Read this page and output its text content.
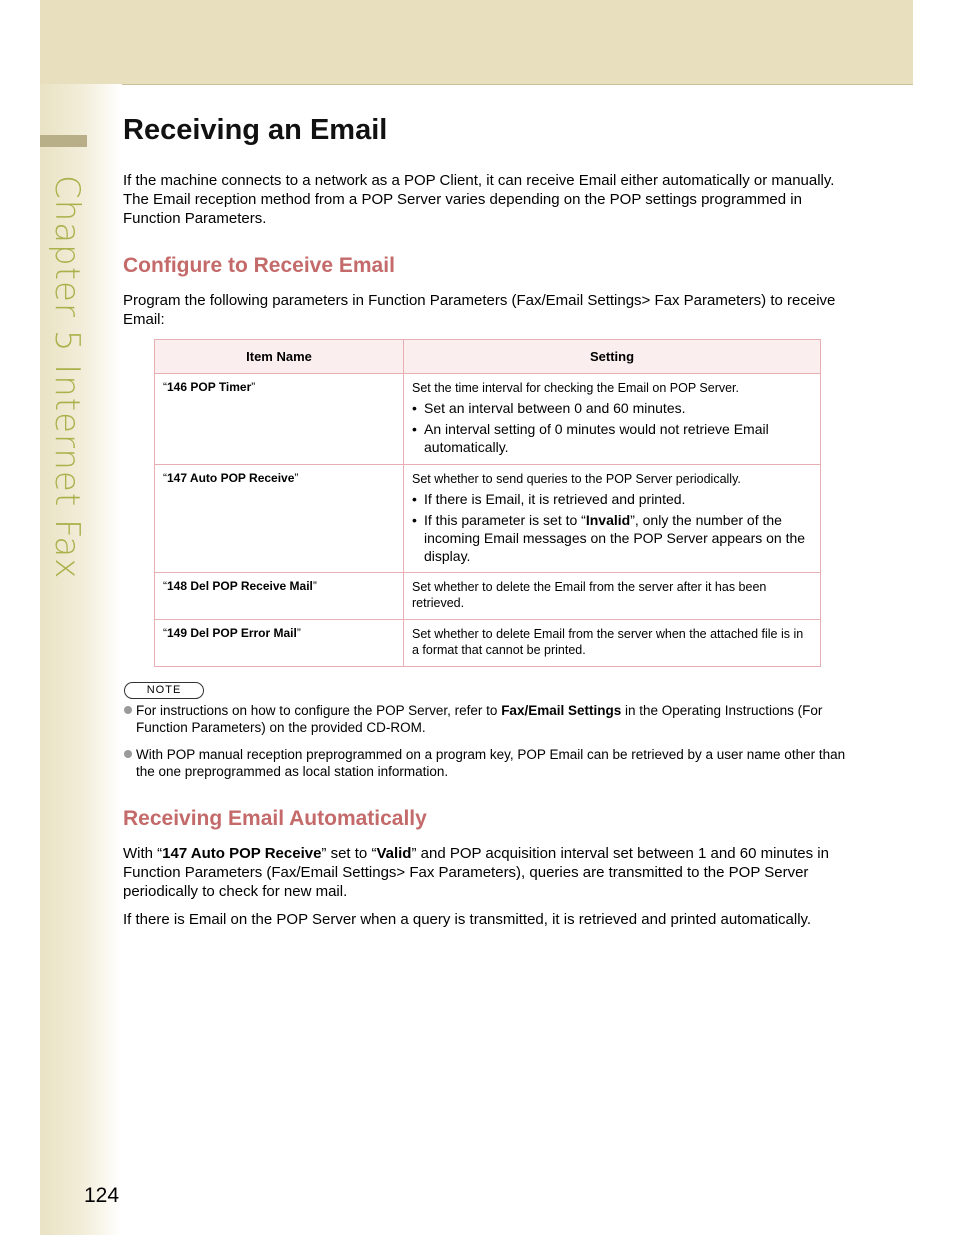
Chapter 5 Internet Fax
Receiving an Email

If the machine connects to a network as a POP Client, it can receive Email either automatically or manually. The Email reception method from a POP Server varies depending on the POP settings programmed in Function Parameters.

Configure to Receive Email

Program the following parameters in Function Parameters (Fax/Email Settings> Fax Parameters) to receive Email:

Item Name	Setting
“146 POP Timer”	Set the time interval for checking the Email on POP Server.
• Set an interval between 0 and 60 minutes.
• An interval setting of 0 minutes would not retrieve Email automatically.

“147 Auto POP Receive”	Set whether to send queries to the POP Server periodically.
• If there is Email, it is retrieved and printed.
• If this parameter is set to “Invalid”, only the number of the incoming Email messages on the POP Server appears on the display.

“148 Del POP Receive Mail”	Set whether to delete the Email from the server after it has been retrieved.

“149 Del POP Error Mail”	Set whether to delete Email from the server when the attached file is in a format that cannot be printed.
NOTE
For instructions on how to configure the POP Server, refer to Fax/Email Settings in the Operating Instructions (For Function Parameters) on the provided CD-ROM.
With POP manual reception preprogrammed on a program key, POP Email can be retrieved by a user name other than the one preprogrammed as local station information.
Receiving Email Automatically

With “147 Auto POP Receive” set to “Valid” and POP acquisition interval set between 1 and 60 minutes in Function Parameters (Fax/Email Settings> Fax Parameters), queries are transmitted to the POP Server periodically to check for new mail.

If there is Email on the POP Server when a query is transmitted, it is retrieved and printed automatically.

124
